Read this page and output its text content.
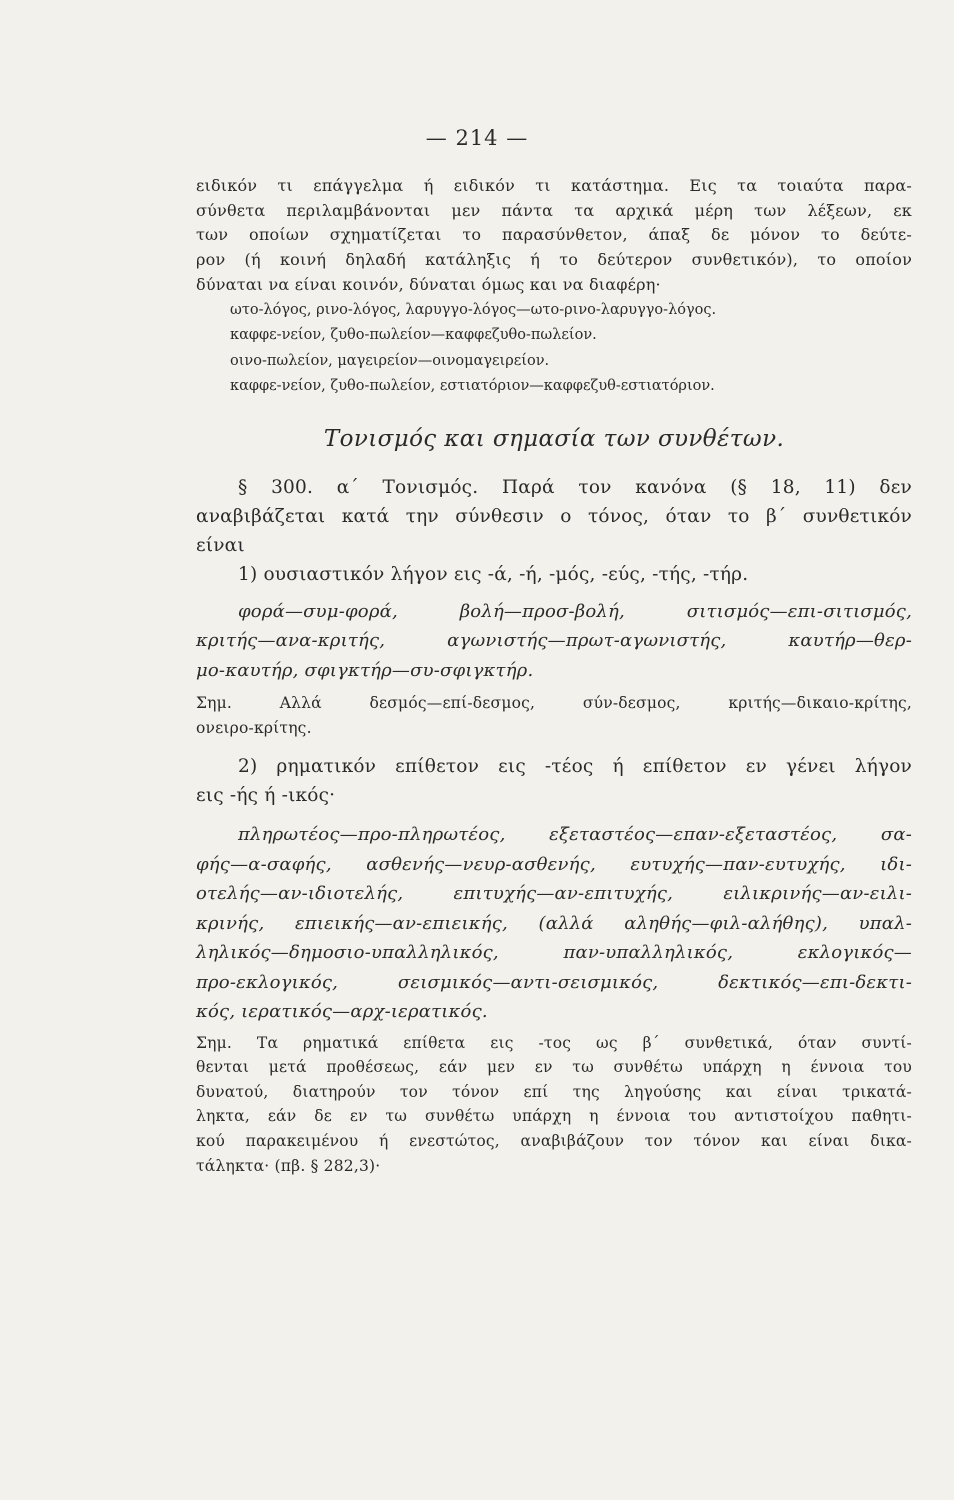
— 214 —
ειδικόν τι επάγγελμα ή ειδικόν τι κατάστημα. Εις τα τοιαύτα παρα-
σύνθετα περιλαμβάνονται μεν πάντα τα αρχικά μέρη των λέξεων, εκ
των οποίων σχηματίζεται το παρασύνθετον, άπαξ δε μόνον το δεύτε-
ρον (ή κοινή δηλαδή κατάληξις ή το δεύτερον συνθετικόν), το οποίον
δύναται να είναι κοινόν, δύναται όμως και να διαφέρη·
ωτο-λόγος, ρινο-λόγος, λαρυγγο-λόγος—ωτο-ρινο-λαρυγγο-λόγος.
καφφε-νείον, ζυθο-πωλείον—καφφεζυθο-πωλείον.
οινο-πωλείον, μαγειρείον—οινομαγειρείον.
καφφε-νείον, ζυθο-πωλείον, εστιατόριον—καφφεζυθ-εστιατόριον.
Τονισμός και σημασία των συνθέτων.
§ 300. α΄ Τονισμός. Παρά τον κανόνα (§ 18, 11) δεν
αναβιβάζεται κατά την σύνθεσιν ο τόνος, όταν το β΄ συνθετικόν
είναι
1) ουσιαστικόν λήγον εις -ά, -ή, -μός, -εύς, -τής, -τήρ.
φορά—συμ-φορά, βολή—προσ-βολή, σιτισμός—επι-σιτισμός,
κριτής—ανα-κριτής, αγωνιστής—πρωτ-αγωνιστής, καυτήρ—θερ-
μο-καυτήρ, σφιγκτήρ—συ-σφιγκτήρ.
Σημ. Αλλά δεσμός—επί-δεσμος, σύν-δεσμος, κριτής—δικαιο-κρίτης,
ονειρο-κρίτης.
2) ρηματικόν επίθετον εις -τέος ή επίθετον εν γένει λήγον
εις -ής ή -ικός·
πληρωτέος—προ-πληρωτέος, εξεταστέος—επαν-εξεταστέος, σα-
φής—α-σαφής, ασθενής—νευρ-ασθενής, ευτυχής—παν-ευτυχής, ιδι-
οτελής—αν-ιδιοτελής, επιτυχής—αν-επιτυχής, ειλικρινής—αν-ειλι-
κρινής, επιεικής—αν-επιεικής, (αλλά αληθής—φιλ-αλήθης), υπαλ-
ληλικός—δημοσιο-υπαλληλικός, παν-υπαλληλικός, εκλογικός—
προ-εκλογικός, σεισμικός—αντι-σεισμικός, δεκτικός—επι-δεκτι-
κός, ιερατικός—αρχ-ιερατικός.
Σημ. Τα ρηματικά επίθετα εις -τος ως β΄ συνθετικά, όταν συντί-
θενται μετά προθέσεως, εάν μεν εν τω συνθέτω υπάρχη η έννοια του
δυνατού, διατηρούν τον τόνον επί της ληγούσης και είναι τρικατά-
ληκτα, εάν δε εν τω συνθέτω υπάρχη η έννοια του αντιστοίχου παθητι-
κού παρακειμένου ή ενεστώτος, αναβιβάζουν τον τόνον και είναι δικα-
τάληκτα· (πβ. § 282,3)·
